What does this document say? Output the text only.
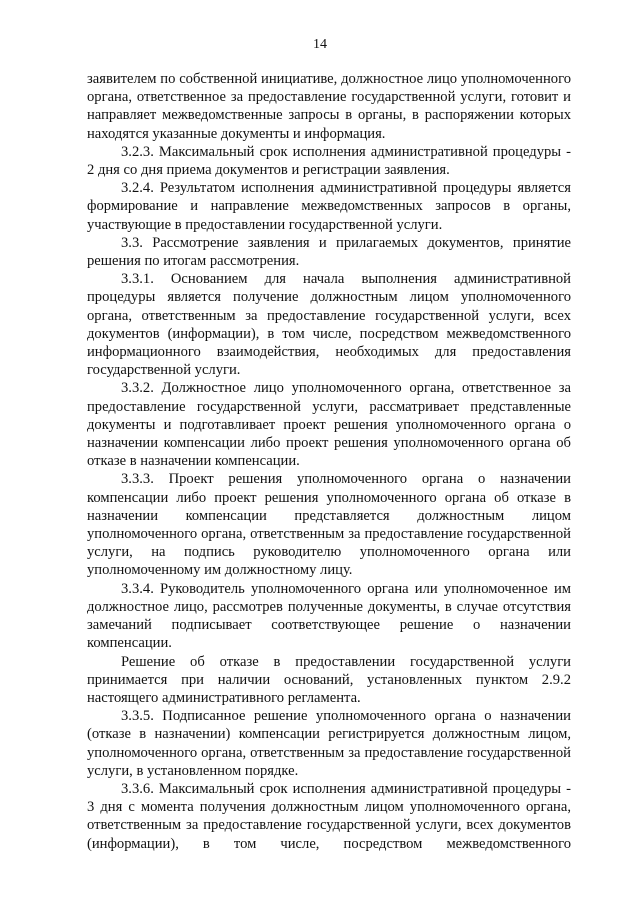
14

заявителем по собственной инициативе, должностное лицо уполномоченного органа, ответственное за предоставление государственной услуги, готовит и направляет межведомственные запросы в органы, в распоряжении которых находятся указанные документы и информация.

3.2.3. Максимальный срок исполнения административной процедуры - 2 дня со дня приема документов и регистрации заявления.

3.2.4. Результатом исполнения административной процедуры является формирование и направление межведомственных запросов в органы, участвующие в предоставлении государственной услуги.

3.3. Рассмотрение заявления и прилагаемых документов, принятие решения по итогам рассмотрения.

3.3.1. Основанием для начала выполнения административной процедуры является получение должностным лицом уполномоченного органа, ответственным за предоставление государственной услуги, всех документов (информации), в том числе, посредством межведомственного информационного взаимодействия, необходимых для предоставления государственной услуги.

3.3.2. Должностное лицо уполномоченного органа, ответственное за предоставление государственной услуги, рассматривает представленные документы и подготавливает проект решения уполномоченного органа о назначении компенсации либо проект решения уполномоченного органа об отказе в назначении компенсации.

3.3.3. Проект решения уполномоченного органа о назначении компенсации либо проект решения уполномоченного органа об отказе в назначении компенсации представляется должностным лицом уполномоченного органа, ответственным за предоставление государственной услуги, на подпись руководителю уполномоченного органа или уполномоченному им должностному лицу.

3.3.4. Руководитель уполномоченного органа или уполномоченное им должностное лицо, рассмотрев полученные документы, в случае отсутствия замечаний подписывает соответствующее решение о назначении компенсации.

Решение об отказе в предоставлении государственной услуги принимается при наличии оснований, установленных пунктом 2.9.2 настоящего административного регламента.

3.3.5. Подписанное решение уполномоченного органа о назначении (отказе в назначении) компенсации регистрируется должностным лицом, уполномоченного органа, ответственным за предоставление государственной услуги, в установленном порядке.

3.3.6. Максимальный срок исполнения административной процедуры - 3 дня с момента получения должностным лицом уполномоченного органа, ответственным за предоставление государственной услуги, всех документов (информации), в том числе, посредством межведомственного
